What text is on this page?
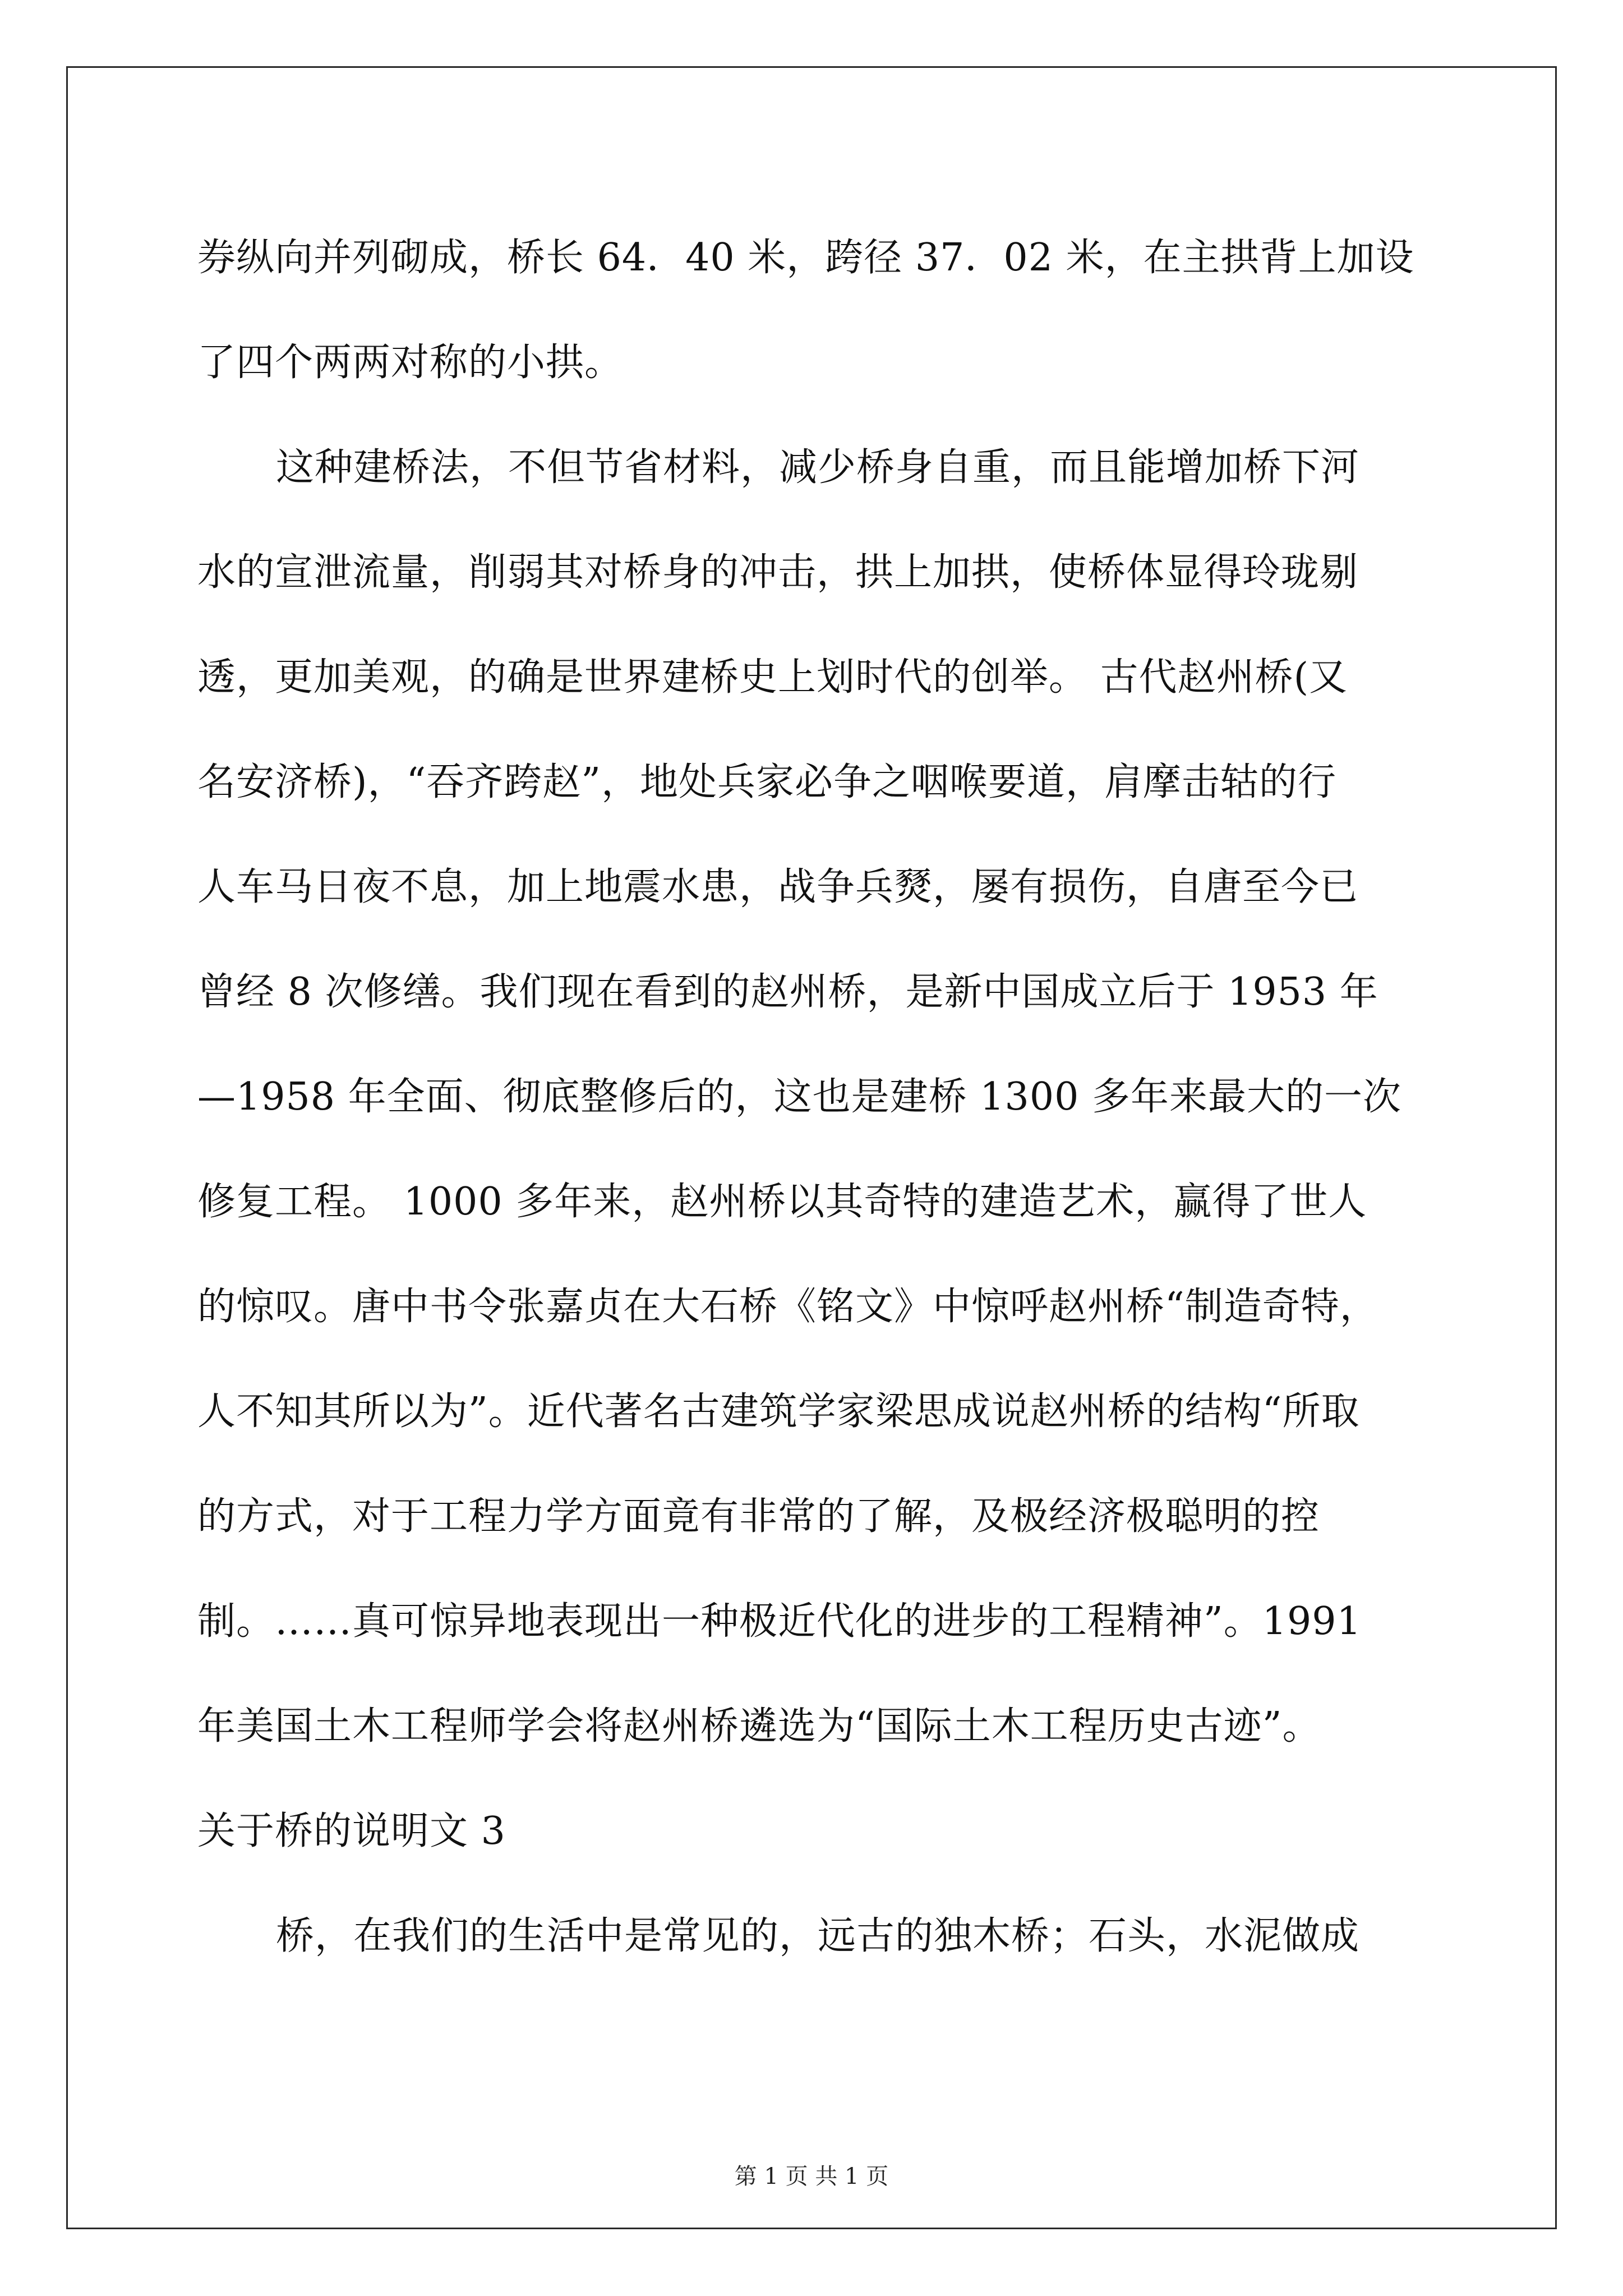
券纵向并列砌成，桥长 64．40 米，跨径 37．02 米，在主拱背上加设
了四个两两对称的小拱。
这种建桥法，不但节省材料，减少桥身自重，而且能增加桥下河
水的宣泄流量，削弱其对桥身的冲击，拱上加拱，使桥体显得玲珑剔
透，更加美观，的确是世界建桥史上划时代的创举。 古代赵州桥(又
名安济桥)，“吞齐跨赵”，地处兵家必争之咽喉要道，肩摩击轱的行
人车马日夜不息，加上地震水患，战争兵燹，屡有损伤，自唐至今已
曾经 8 次修缮。我们现在看到的赵州桥，是新中国成立后于 1953 年
—1958 年全面、彻底整修后的，这也是建桥 1300 多年来最大的一次
修复工程。 1000 多年来，赵州桥以其奇特的建造艺术，赢得了世人
的惊叹。唐中书令张嘉贞在大石桥《铭文》中惊呼赵州桥“制造奇特，
人不知其所以为”。近代著名古建筑学家梁思成说赵州桥的结构“所取
的方式，对于工程力学方面竟有非常的了解，及极经济极聪明的控
制。……真可惊异地表现出一种极近代化的进步的工程精神”。1991
年美国土木工程师学会将赵州桥遴选为“国际土木工程历史古迹”。
关于桥的说明文 3
桥，在我们的生活中是常见的，远古的独木桥；石头，水泥做成
第 1 页 共 1 页
